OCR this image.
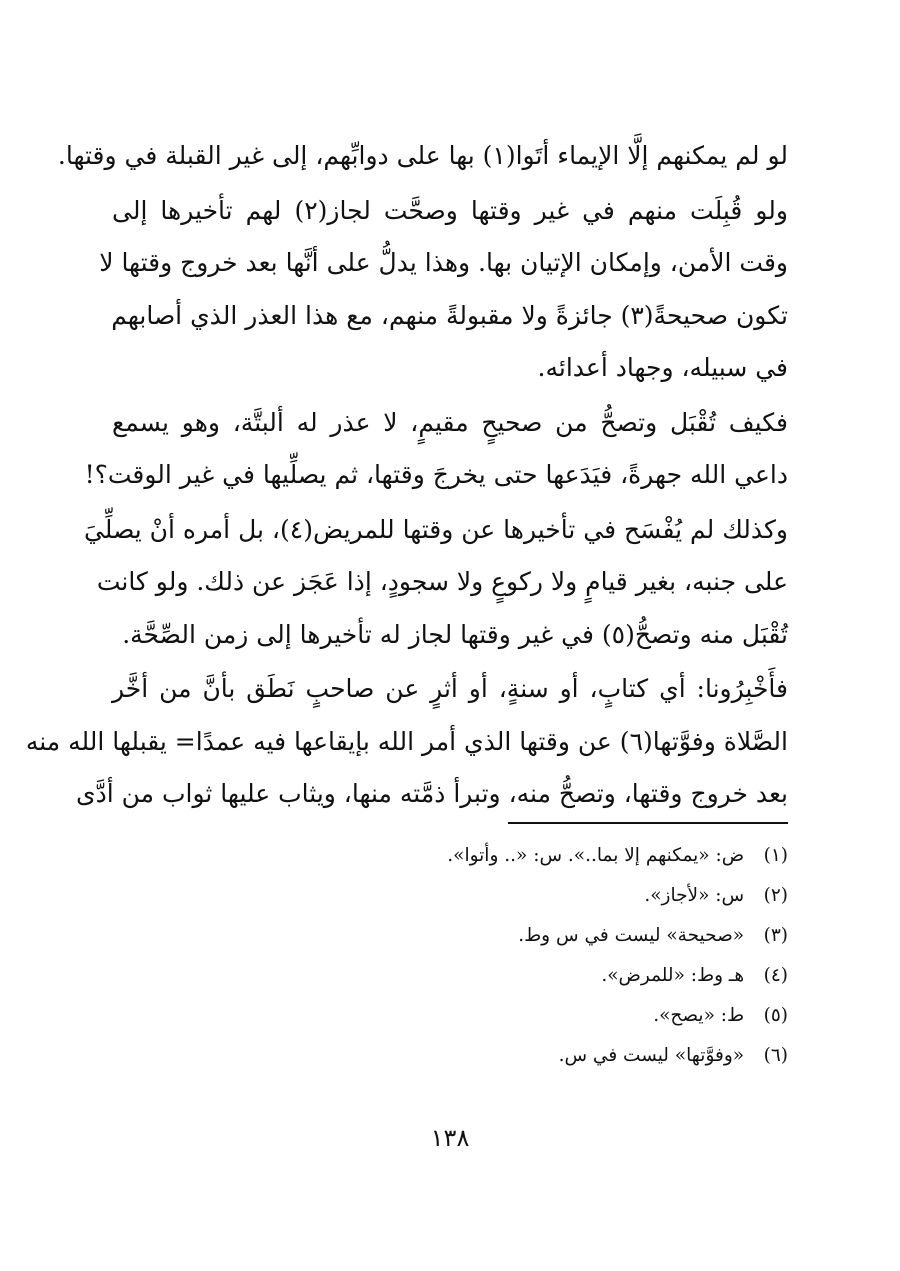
لو لم يمكنهم إلَّا الإيماء أتَوا(١) بها على دوابِّهم، إلى غير القبلة في وقتها.
ولو قُبِلَت منهم في غير وقتها وصحَّت لجاز(٢) لهم تأخيرها إلى
وقت الأمن، وإمكان الإتيان بها. وهذا يدلُّ على أنَّها بعد خروج وقتها لا
تكون صحيحةً(٣) جائزةً ولا مقبولةً منهم، مع هذا العذر الذي أصابهم
في سبيله، وجهاد أعدائه.
فكيف تُقْبَل وتصحُّ من صحيحٍ مقيمٍ، لا عذر له ألبتَّة، وهو يسمع
داعي الله جهرةً، فيَدَعها حتى يخرجَ وقتها، ثم يصلِّيها في غير الوقت؟!
وكذلك لم يُفْسَح في تأخيرها عن وقتها للمريض(٤)، بل أمره أنْ يصلِّيَ
على جنبه، بغير قيامٍ ولا ركوعٍ ولا سجودٍ، إذا عَجَز عن ذلك. ولو كانت
تُقْبَل منه وتصحُّ(٥) في غير وقتها لجاز له تأخيرها إلى زمن الصِّحَّة.
فأَخْبِرُونا: أي كتابٍ، أو سنةٍ، أو أثرٍ عن صاحبٍ نَطَق بأنَّ من أخَّر
الصَّلاة وفوَّتها(٦) عن وقتها الذي أمر الله بإيقاعها فيه عمدًا= يقبلها الله منه
بعد خروج وقتها، وتصحُّ منه، وتبرأ ذمَّته منها، ويثاب عليها ثواب من أدَّى
(١) ض: «يمكنهم إلا بما..». س: «.. وأتوا».
(٢) س: «لأجاز».
(٣) «صحيحة» ليست في س وط.
(٤) هـ وط: «للمرض».
(٥) ط: «يصح».
(٦) «وفوَّتها» ليست في س.
١٣٨
